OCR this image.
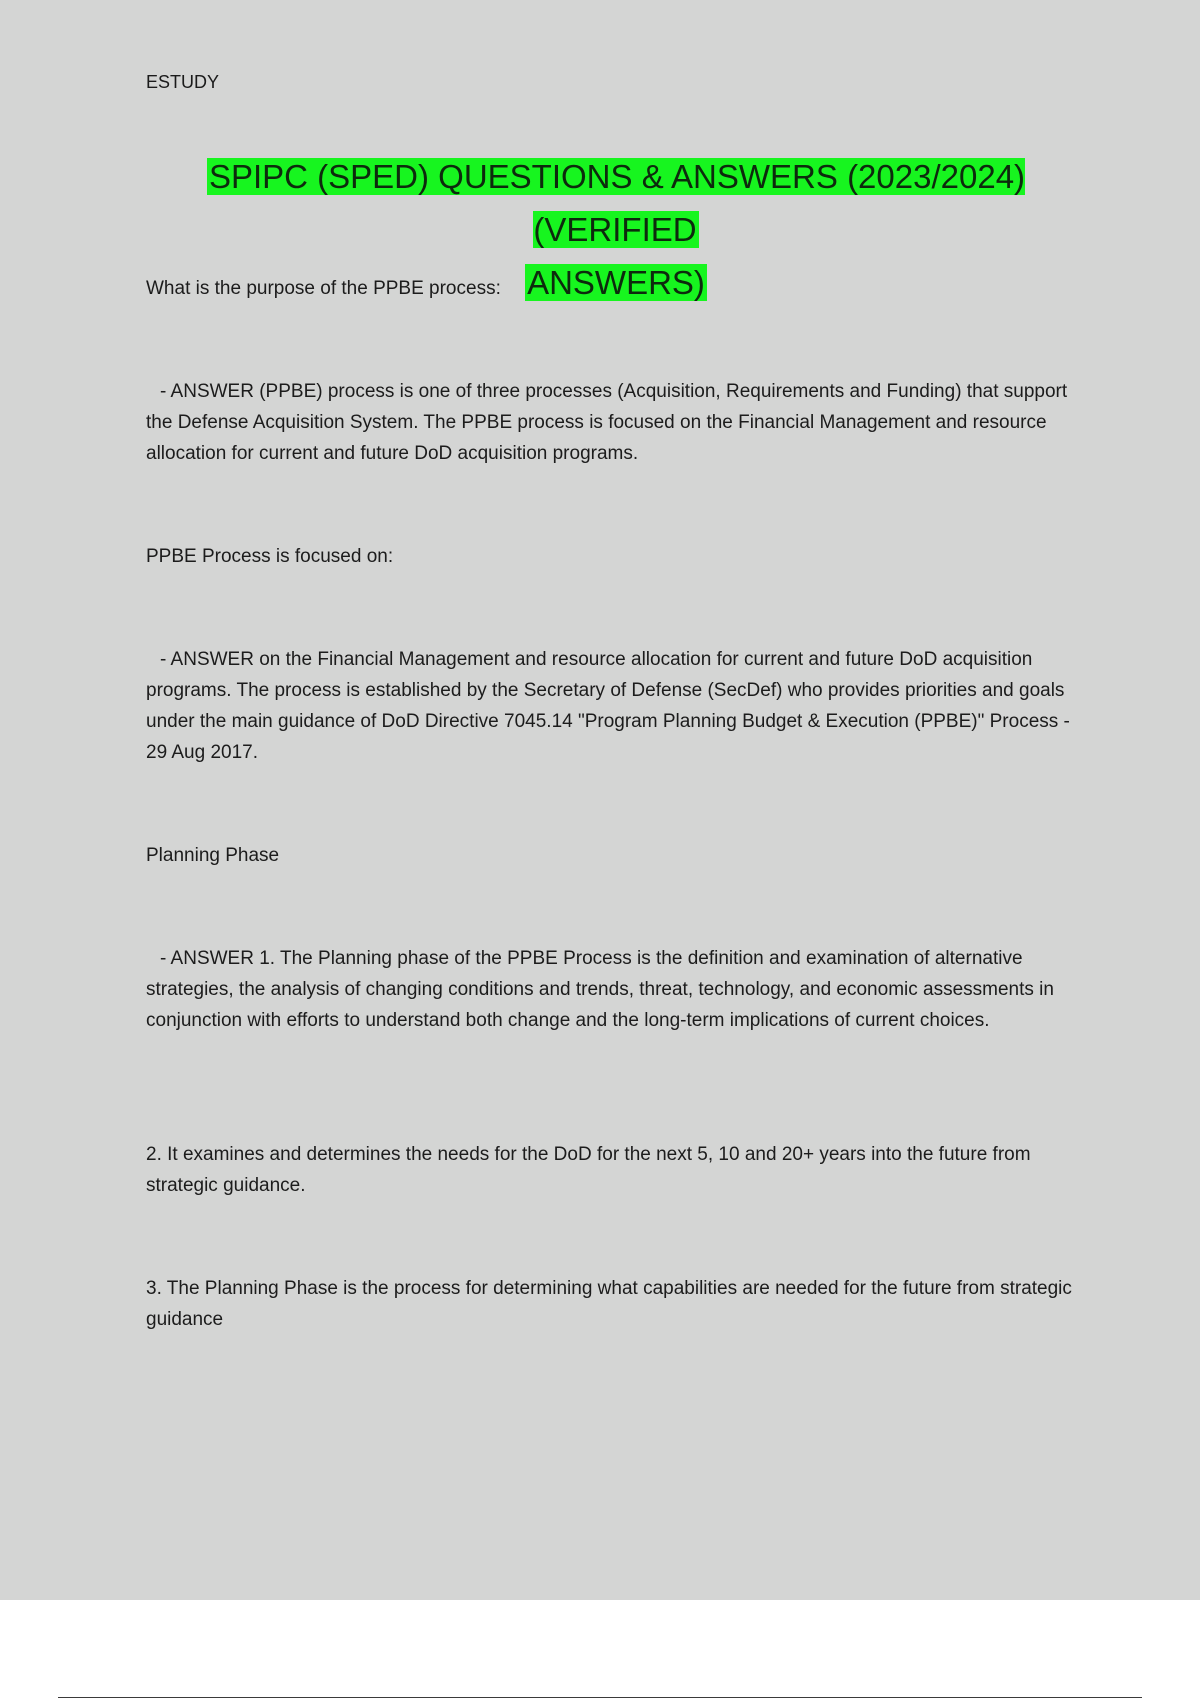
ESTUDY
SPIPC (SPED) QUESTIONS & ANSWERS (2023/2024)(VERIFIED
ANSWERS)
What is the purpose of the PPBE process:
- ANSWER (PPBE) process is one of three processes (Acquisition, Requirements and Funding) that support the Defense Acquisition System. The PPBE process is focused on the Financial Management and resource allocation for current and future DoD acquisition programs.
PPBE Process is focused on:
- ANSWER on the Financial Management and resource allocation for current and future DoD acquisition programs. The process is established by the Secretary of Defense (SecDef) who provides priorities and goals under the main guidance of DoD Directive 7045.14 "Program Planning Budget & Execution (PPBE)" Process - 29 Aug 2017.
Planning Phase
- ANSWER 1. The Planning phase of the PPBE Process is the definition and examination of alternative strategies, the analysis of changing conditions and trends, threat, technology, and economic assessments in conjunction with efforts to understand both change and the long-term implications of current choices.
2. It examines and determines the needs for the DoD for the next 5, 10 and 20+ years into the future from strategic guidance.
3. The Planning Phase is the process for determining what capabilities are needed for the future from strategic guidance
